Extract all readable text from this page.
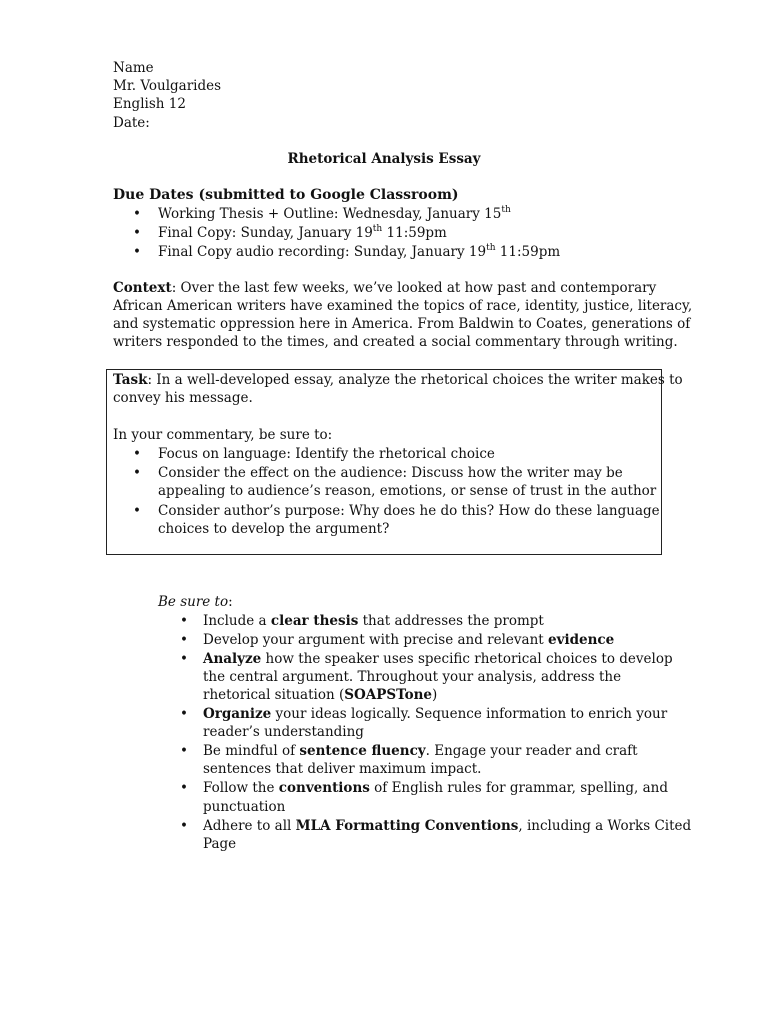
Name
Mr. Voulgarides
English 12
Date:
Rhetorical Analysis Essay
Due Dates (submitted to Google Classroom)
• Working Thesis + Outline: Wednesday, January 15th
• Final Copy: Sunday, January 19th 11:59pm
• Final Copy audio recording: Sunday, January 19th 11:59pm
Context: Over the last few weeks, we’ve looked at how past and contemporary
African American writers have examined the topics of race, identity, justice, literacy,
and systematic oppression here in America. From Baldwin to Coates, generations of
writers responded to the times, and created a social commentary through writing.
Task: In a well-developed essay, analyze the rhetorical choices the writer makes to
convey his message.
In your commentary, be sure to:
• Focus on language: Identify the rhetorical choice
• Consider the effect on the audience: Discuss how the writer may be
appealing to audience’s reason, emotions, or sense of trust in the author
• Consider author’s purpose: Why does he do this? How do these language
choices to develop the argument?
Be sure to:
• Include a clear thesis that addresses the prompt
• Develop your argument with precise and relevant evidence
• Analyze how the speaker uses specific rhetorical choices to develop
the central argument. Throughout your analysis, address the
rhetorical situation (SOAPSTone)
• Organize your ideas logically. Sequence information to enrich your
reader’s understanding
• Be mindful of sentence fluency. Engage your reader and craft
sentences that deliver maximum impact.
• Follow the conventions of English rules for grammar, spelling, and
punctuation
• Adhere to all MLA Formatting Conventions, including a Works Cited
Page
